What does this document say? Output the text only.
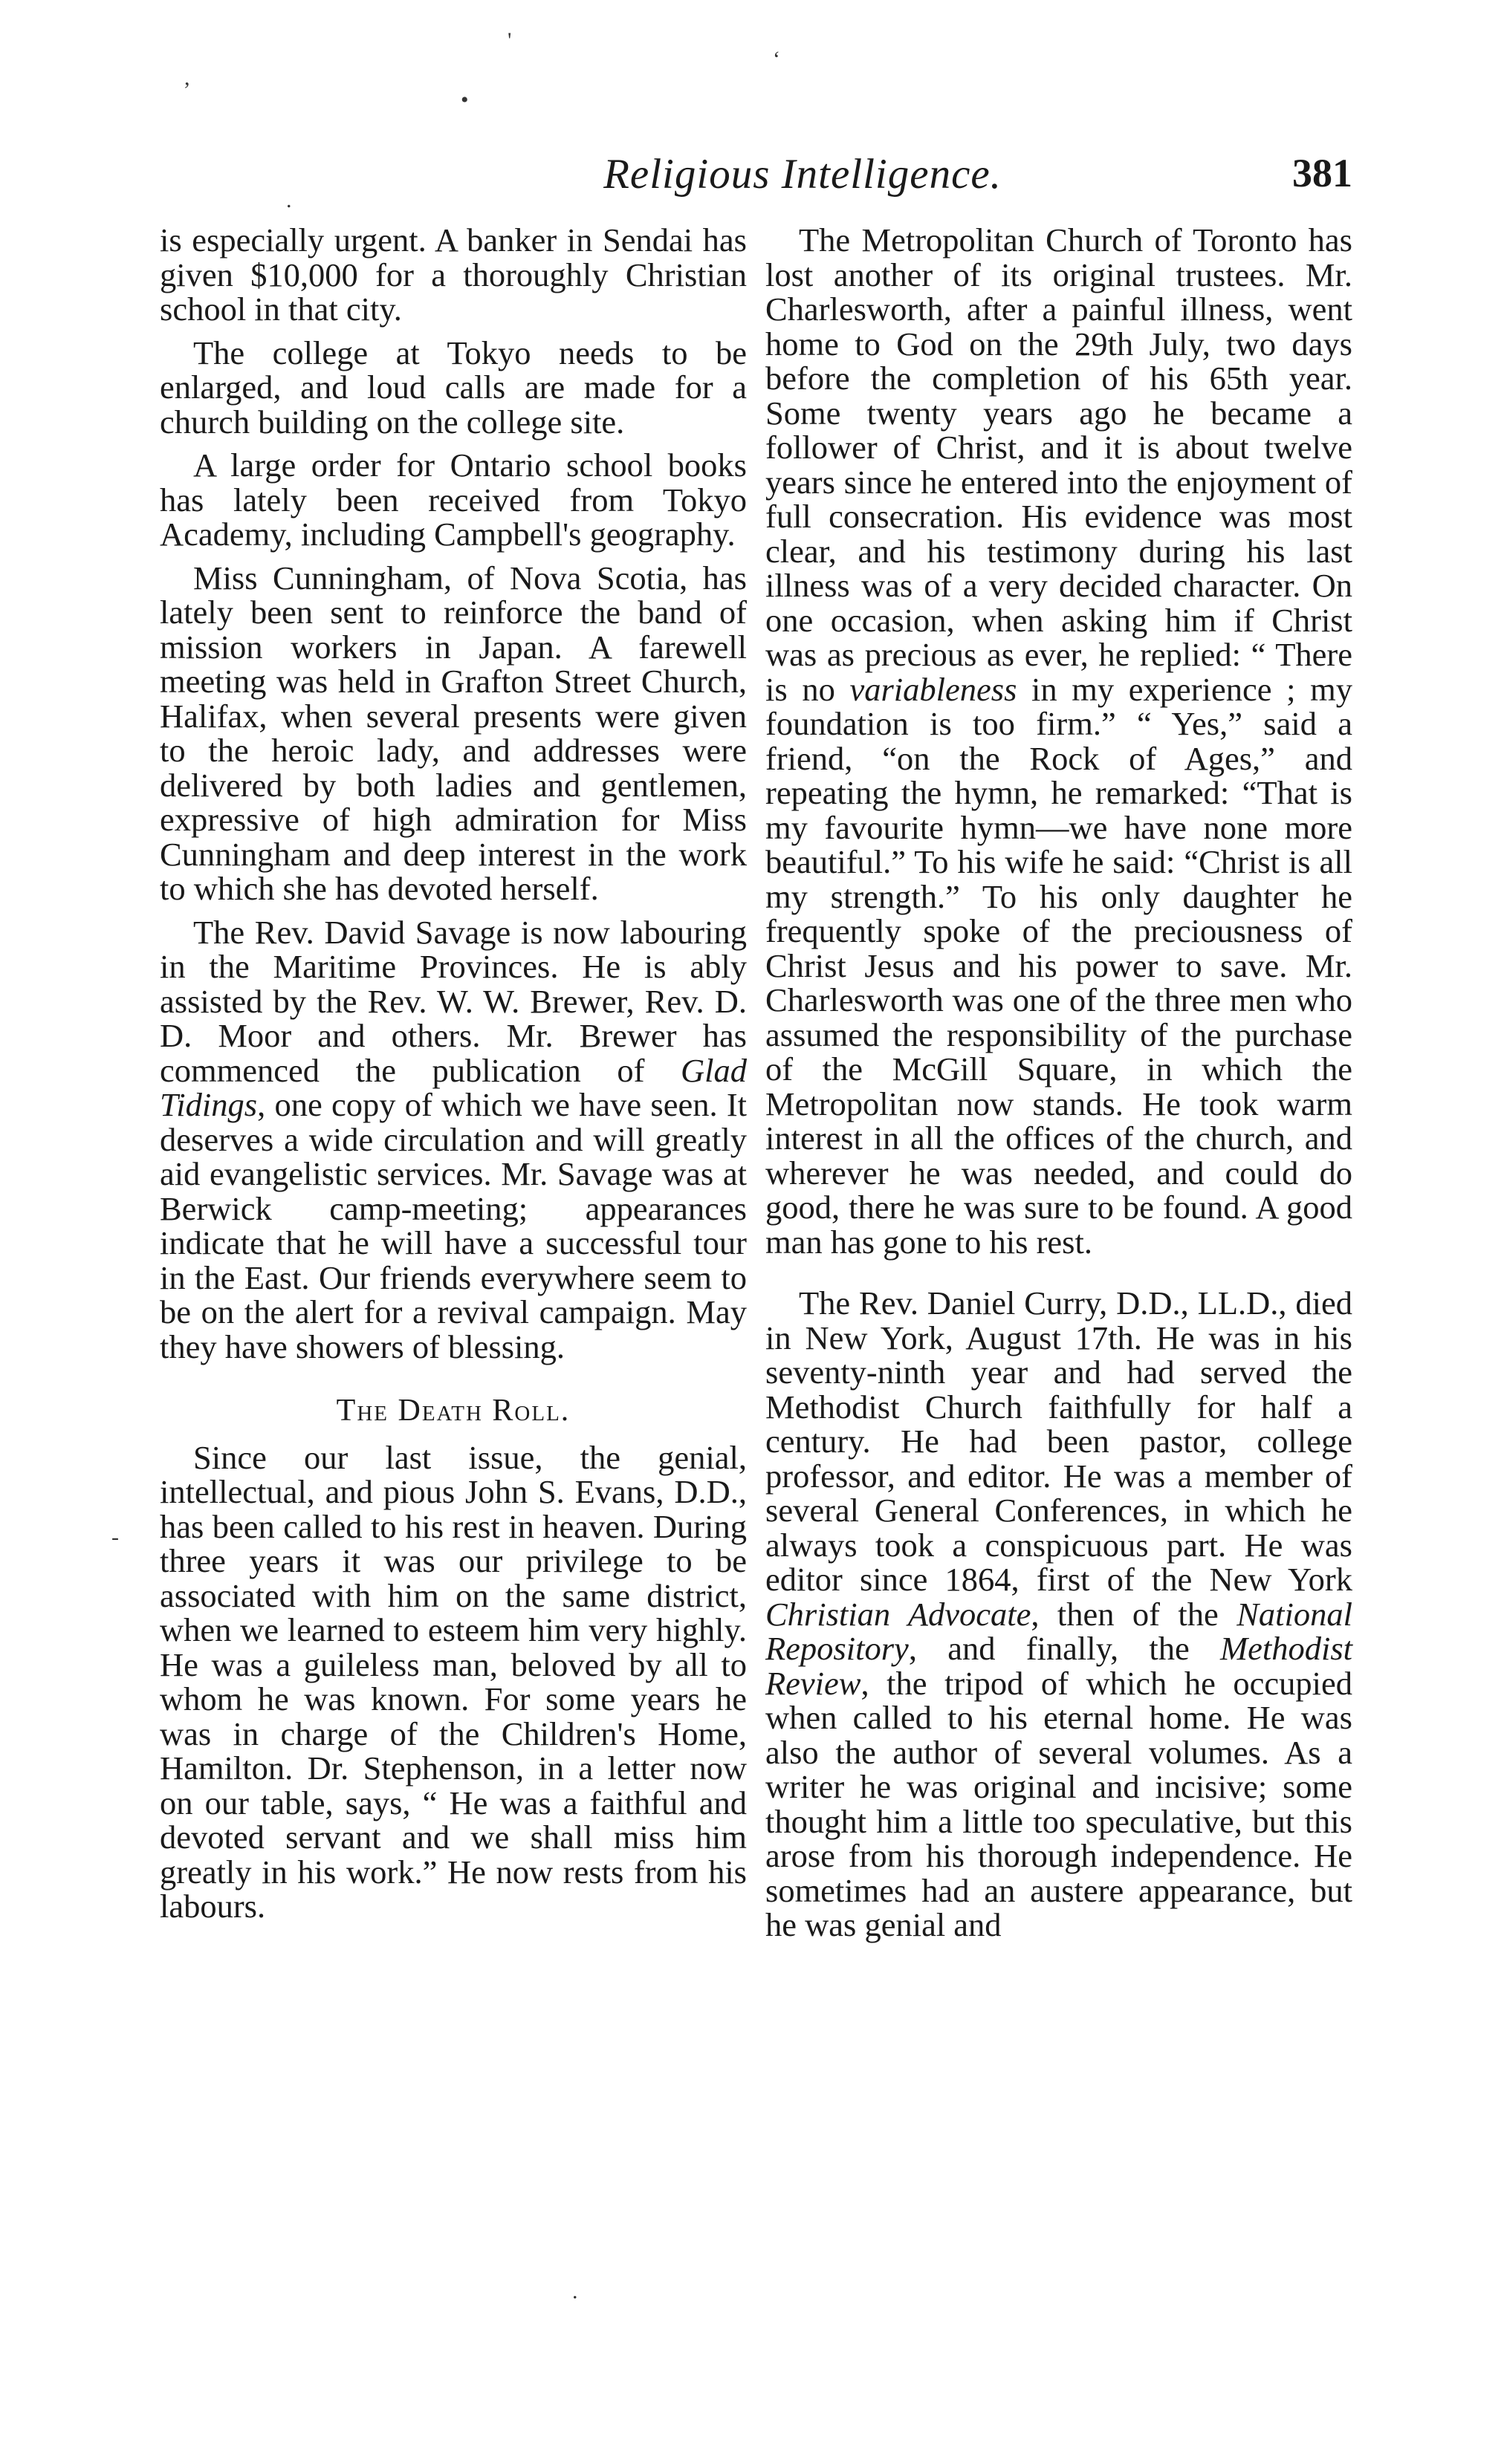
Religious Intelligence.	381

is especially urgent. A banker in Sendai has given $10,000 for a thoroughly Christian school in that city.

The college at Tokyo needs to be enlarged, and loud calls are made for a church building on the college site.

A large order for Ontario school books has lately been received from Tokyo Academy, including Campbell's geography.

Miss Cunningham, of Nova Scotia, has lately been sent to reinforce the band of mission workers in Japan. A farewell meeting was held in Grafton Street Church, Halifax, when several presents were given to the heroic lady, and addresses were delivered by both ladies and gentlemen, expressive of high admiration for Miss Cunningham and deep interest in the work to which she has devoted herself.

The Rev. David Savage is now labouring in the Maritime Provinces. He is ably assisted by the Rev. W. W. Brewer, Rev. D. D. Moor and others. Mr. Brewer has commenced the publication of Glad Tidings, one copy of which we have seen. It deserves a wide circulation and will greatly aid evangelistic services. Mr. Savage was at Berwick camp-meeting; appearances indicate that he will have a successful tour in the East. Our friends everywhere seem to be on the alert for a revival campaign. May they have showers of blessing.

The Death Roll.

Since our last issue, the genial, intellectual, and pious John S. Evans, D.D., has been called to his rest in heaven. During three years it was our privilege to be associated with him on the same district, when we learned to esteem him very highly. He was a guileless man, beloved by all to whom he was known. For some years he was in charge of the Children's Home, Hamilton. Dr. Stephenson, in a letter now on our table, says, “ He was a faithful and devoted servant and we shall miss him greatly in his work.” He now rests from his labours.

The Metropolitan Church of Toronto has lost another of its original trustees. Mr. Charlesworth, after a painful illness, went home to God on the 29th July, two days before the completion of his 65th year. Some twenty years ago he became a follower of Christ, and it is about twelve years since he entered into the enjoyment of full consecration. His evidence was most clear, and his testimony during his last illness was of a very decided character. On one occasion, when asking him if Christ was as precious as ever, he replied: “ There is no variableness in my experience ; my foundation is too firm.” “ Yes,” said a friend, “on the Rock of Ages,” and repeating the hymn, he remarked: “That is my favourite hymn—we have none more beautiful.” To his wife he said: “Christ is all my strength.” To his only daughter he frequently spoke of the preciousness of Christ Jesus and his power to save. Mr. Charlesworth was one of the three men who assumed the responsibility of the purchase of the McGill Square, in which the Metropolitan now stands. He took warm interest in all the offices of the church, and wherever he was needed, and could do good, there he was sure to be found. A good man has gone to his rest.

The Rev. Daniel Curry, D.D., LL.D., died in New York, August 17th. He was in his seventy-ninth year and had served the Methodist Church faithfully for half a century. He had been pastor, college professor, and editor. He was a member of several General Conferences, in which he always took a conspicuous part. He was editor since 1864, first of the New York Christian Advocate, then of the National Repository, and finally, the Methodist Review, the tripod of which he occupied when called to his eternal home. He was also the author of several volumes. As a writer he was original and incisive; some thought him a little too speculative, but this arose from his thorough independence. He sometimes had an austere appearance, but he was genial and

'
,
•
‘
.
-
.
